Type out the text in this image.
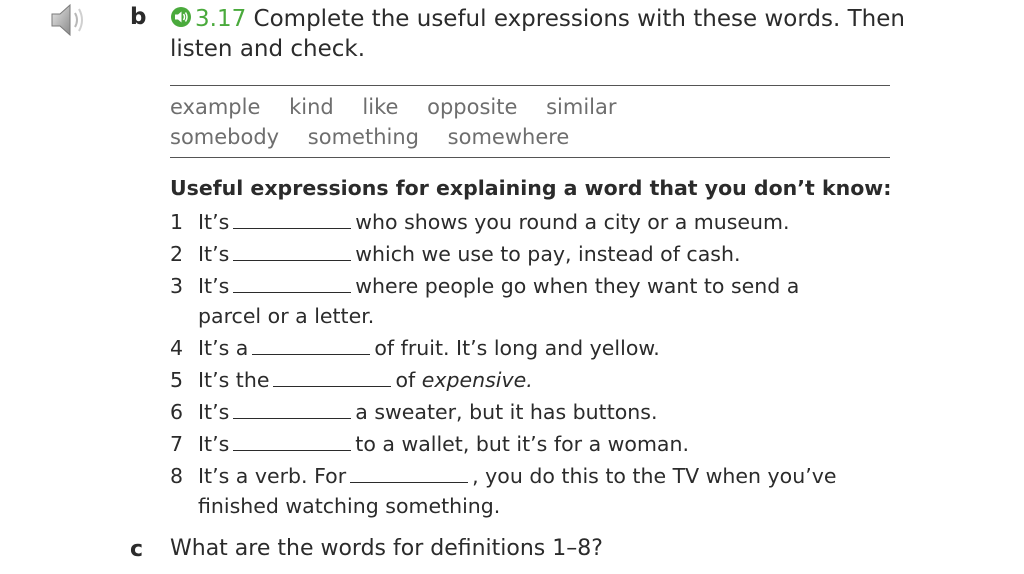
b	3.17 Complete the useful expressions with these words. Then listen and check.
example kind like opposite similar
somebody something somewhere
Useful expressions for explaining a word that you don’t know:
1 It’s	who shows you round a city or a museum.
2 It’s	which we use to pay, instead of cash.
3 It’s	where people go when they want to send a parcel or a letter.
4 It’s a	of fruit. It’s long and yellow.
5 It’s the	of expensive.
6 It’s	a sweater, but it has buttons.
7 It’s	to a wallet, but it’s for a woman.
8 It’s a verb. For	, you do this to the TV when you’ve finished watching something.
c What are the words for definitions 1–8?
